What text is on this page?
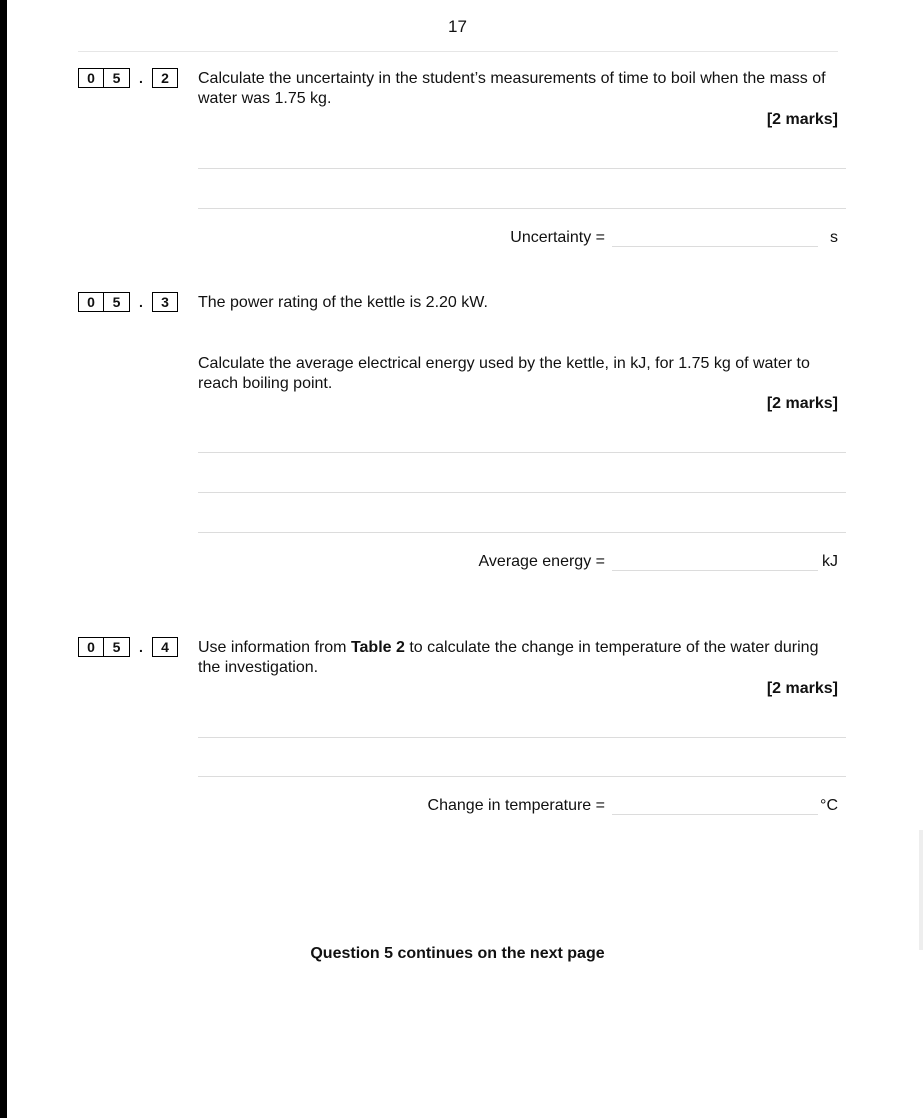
17
0	5	.	2	Calculate the uncertainty in the student’s measurements of time to boil when the mass of water was 1.75 kg.
[2 marks]
Uncertainty =	s
0	5	.	3	The power rating of the kettle is 2.20 kW.
Calculate the average electrical energy used by the kettle, in kJ, for 1.75 kg of water to reach boiling point.
[2 marks]
Average energy =	kJ
0	5	.	4	Use information from Table 2 to calculate the change in temperature of the water during the investigation.
[2 marks]
Change in temperature =	°C
Question 5 continues on the next page
